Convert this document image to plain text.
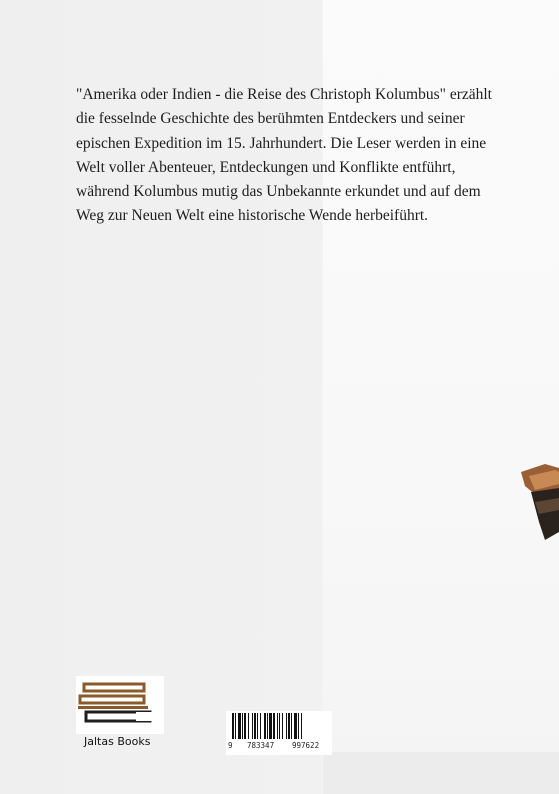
"Amerika oder Indien - die Reise des Christoph Kolumbus" erzählt die fesselnde Geschichte des berühmten Entdeckers und seiner epischen Expedition im 15. Jahrhundert. Die Leser werden in eine Welt voller Abenteuer, Entdeckungen und Konflikte entführt, während Kolumbus mutig das Unbekannte erkundet und auf dem Weg zur Neuen Welt eine historische Wende herbeiführt.

Jaltas Books	9 783347 997622
